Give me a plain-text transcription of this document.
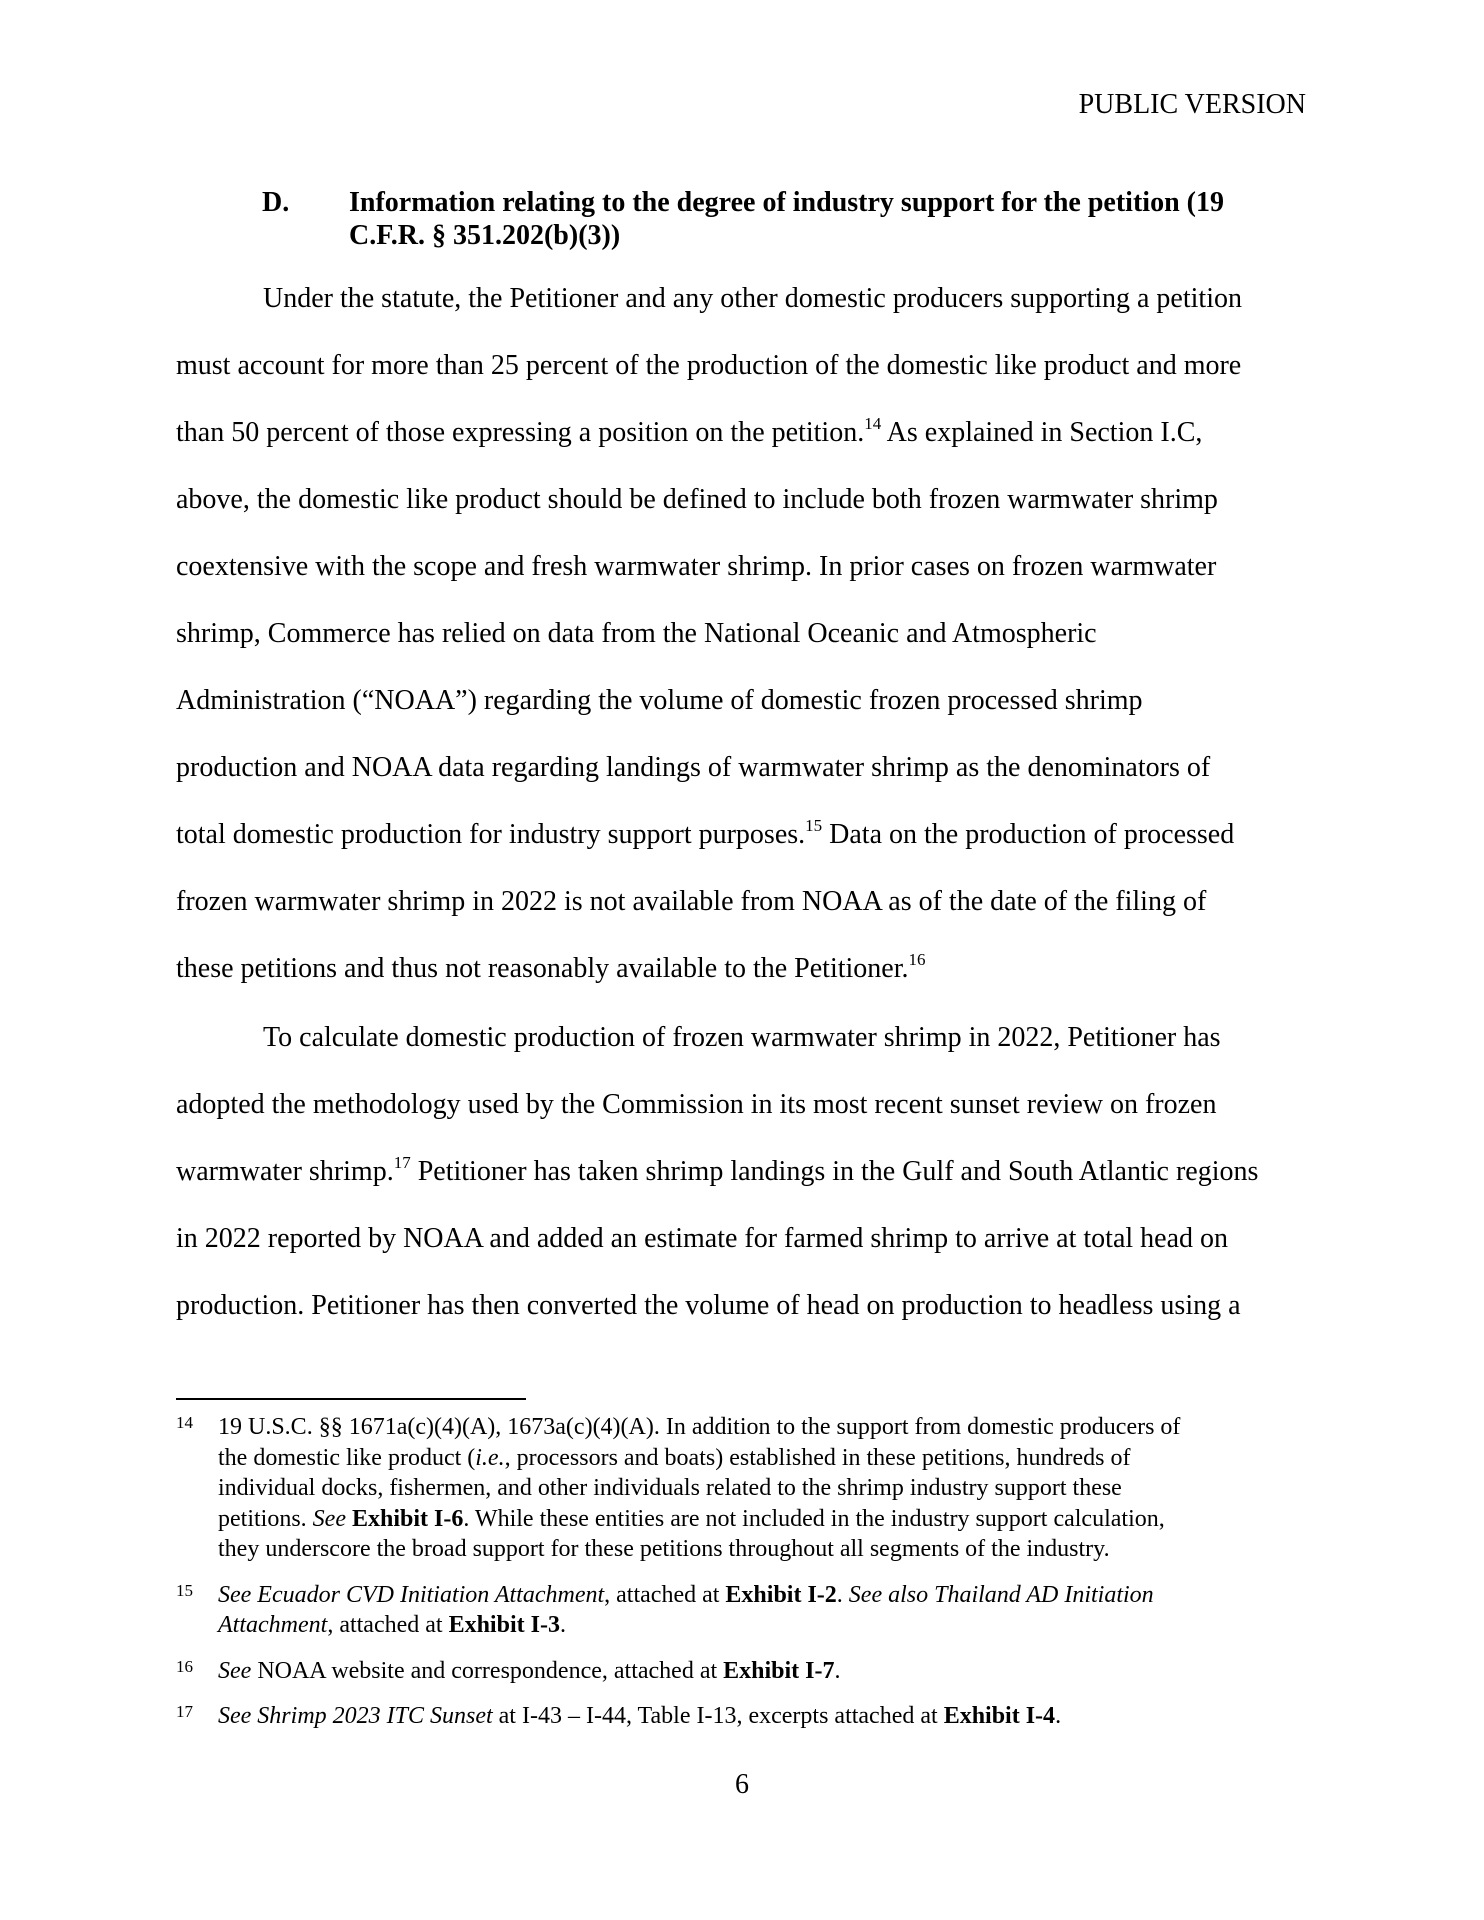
PUBLIC VERSION
D. Information relating to the degree of industry support for the petition (19 C.F.R. § 351.202(b)(3))
Under the statute, the Petitioner and any other domestic producers supporting a petition
must account for more than 25 percent of the production of the domestic like product and more
than 50 percent of those expressing a position on the petition.$^{14}$ As explained in Section I.C,
above, the domestic like product should be defined to include both frozen warmwater shrimp
coextensive with the scope and fresh warmwater shrimp. In prior cases on frozen warmwater
shrimp, Commerce has relied on data from the National Oceanic and Atmospheric
Administration (“NOAA”) regarding the volume of domestic frozen processed shrimp
production and NOAA data regarding landings of warmwater shrimp as the denominators of
total domestic production for industry support purposes.$^{15}$ Data on the production of processed
frozen warmwater shrimp in 2022 is not available from NOAA as of the date of the filing of
these petitions and thus not reasonably available to the Petitioner.$^{16}$
To calculate domestic production of frozen warmwater shrimp in 2022, Petitioner has
adopted the methodology used by the Commission in its most recent sunset review on frozen
warmwater shrimp.$^{17}$ Petitioner has taken shrimp landings in the Gulf and South Atlantic regions
in 2022 reported by NOAA and added an estimate for farmed shrimp to arrive at total head on
production. Petitioner has then converted the volume of head on production to headless using a
14 19 U.S.C. §§ 1671a(c)(4)(A), 1673a(c)(4)(A). In addition to the support from domestic producers of
the domestic like product (i.e., processors and boats) established in these petitions, hundreds of
individual docks, fishermen, and other individuals related to the shrimp industry support these
petitions. See Exhibit I-6. While these entities are not included in the industry support calculation,
they underscore the broad support for these petitions throughout all segments of the industry.
15 See Ecuador CVD Initiation Attachment, attached at Exhibit I-2. See also Thailand AD Initiation
Attachment, attached at Exhibit I-3.
16 See NOAA website and correspondence, attached at Exhibit I-7.
17 See Shrimp 2023 ITC Sunset at I-43 – I-44, Table I-13, excerpts attached at Exhibit I-4.
6
